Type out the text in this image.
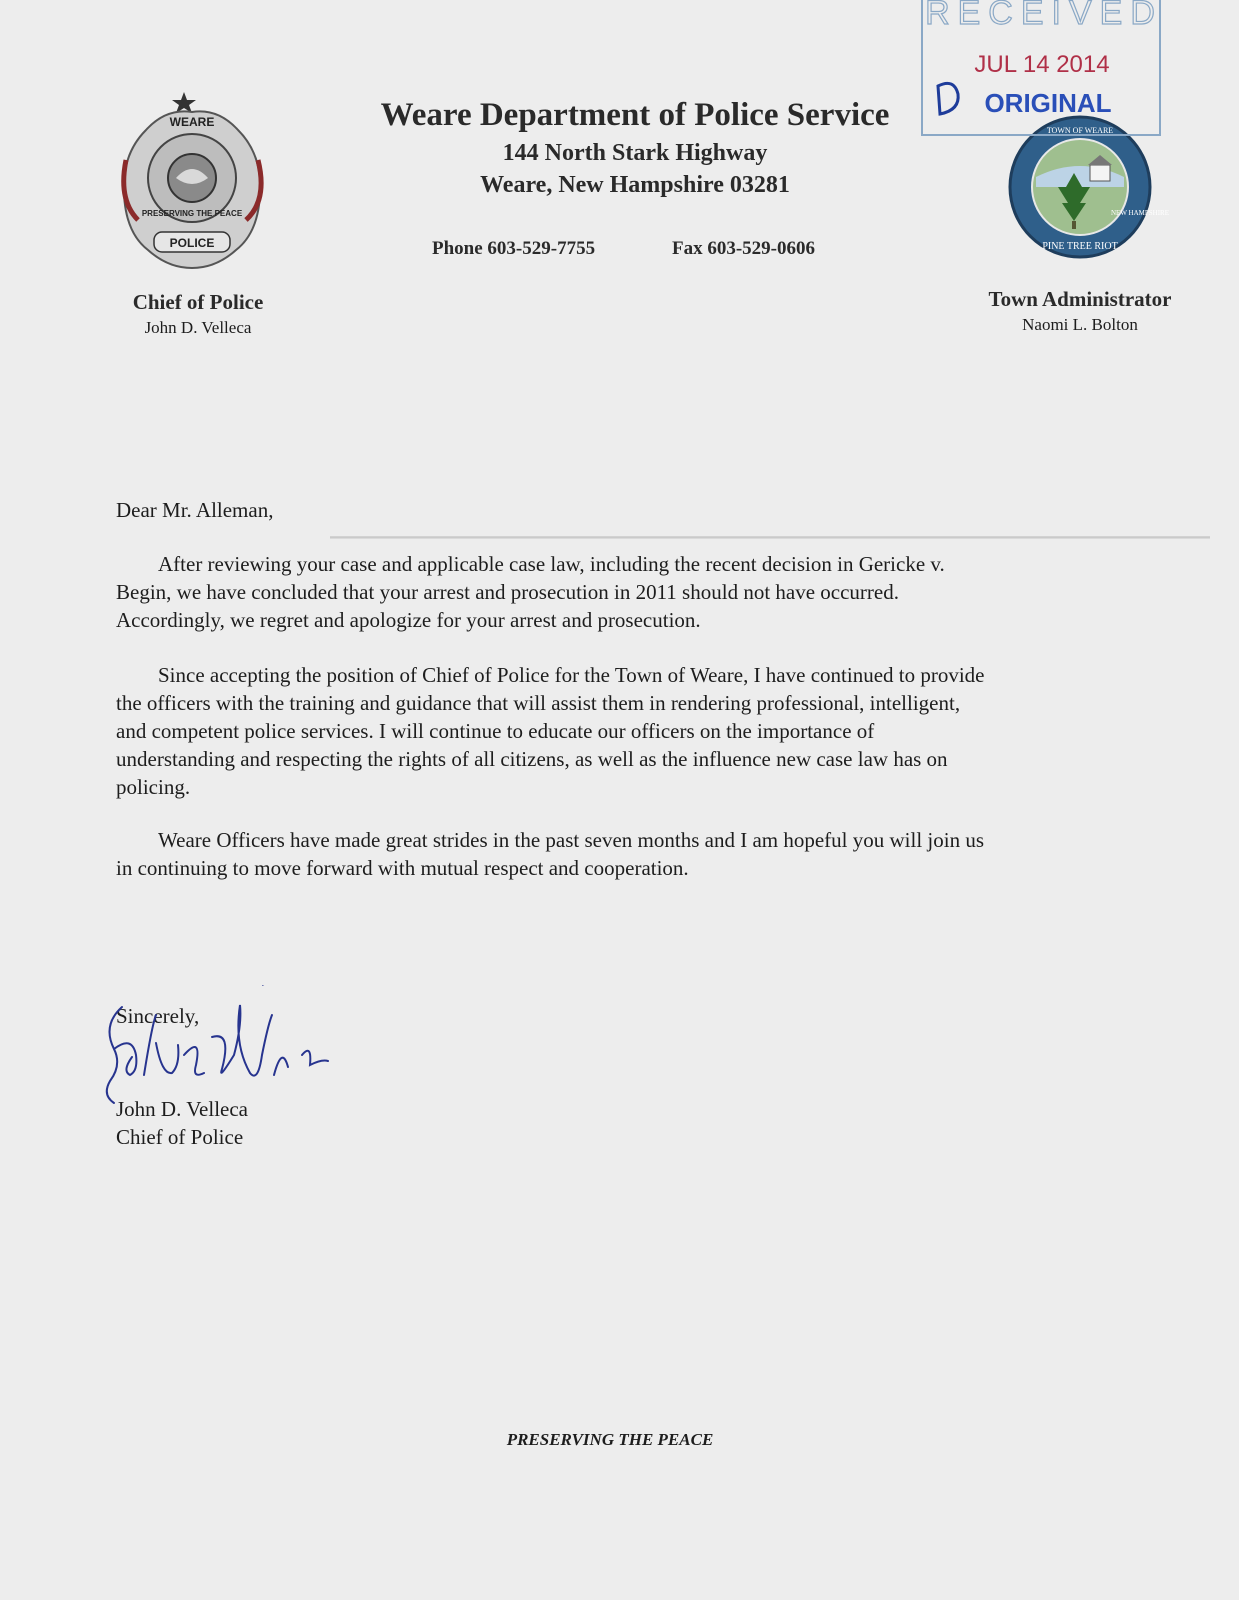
WEARE
PRESERVING THE PEACE
POLICE
TOWN OF WEARE
NEW HAMPSHIRE
PINE TREE RIOT
RECEIVED
JUL 14 2014
ORIGINAL
Weare Department of Police Service
144 North Stark Highway
Weare, New Hampshire 03281
Phone 603-529-7755	Fax 603-529-0606
Chief of Police
John D. Velleca
Town Administrator
Naomi L. Bolton
Dear Mr. Alleman,

After reviewing your case and applicable case law, including the recent decision in Gericke v.

Begin, we have concluded that your arrest and prosecution in 2011 should not have occurred.
Accordingly, we regret and apologize for your arrest and prosecution.

Since accepting the position of Chief of Police for the Town of Weare, I have continued to provide

the officers with the training and guidance that will assist them in rendering professional, intelligent,
and competent police services. I will continue to educate our officers on the importance of
understanding and respecting the rights of all citizens, as well as the influence new case law has on
policing.

Weare Officers have made great strides in the past seven months and I am hopeful you will join us

in continuing to move forward with mutual respect and cooperation.
Sincerely,
John D. Velleca
Chief of Police
PRESERVING THE PEACE
